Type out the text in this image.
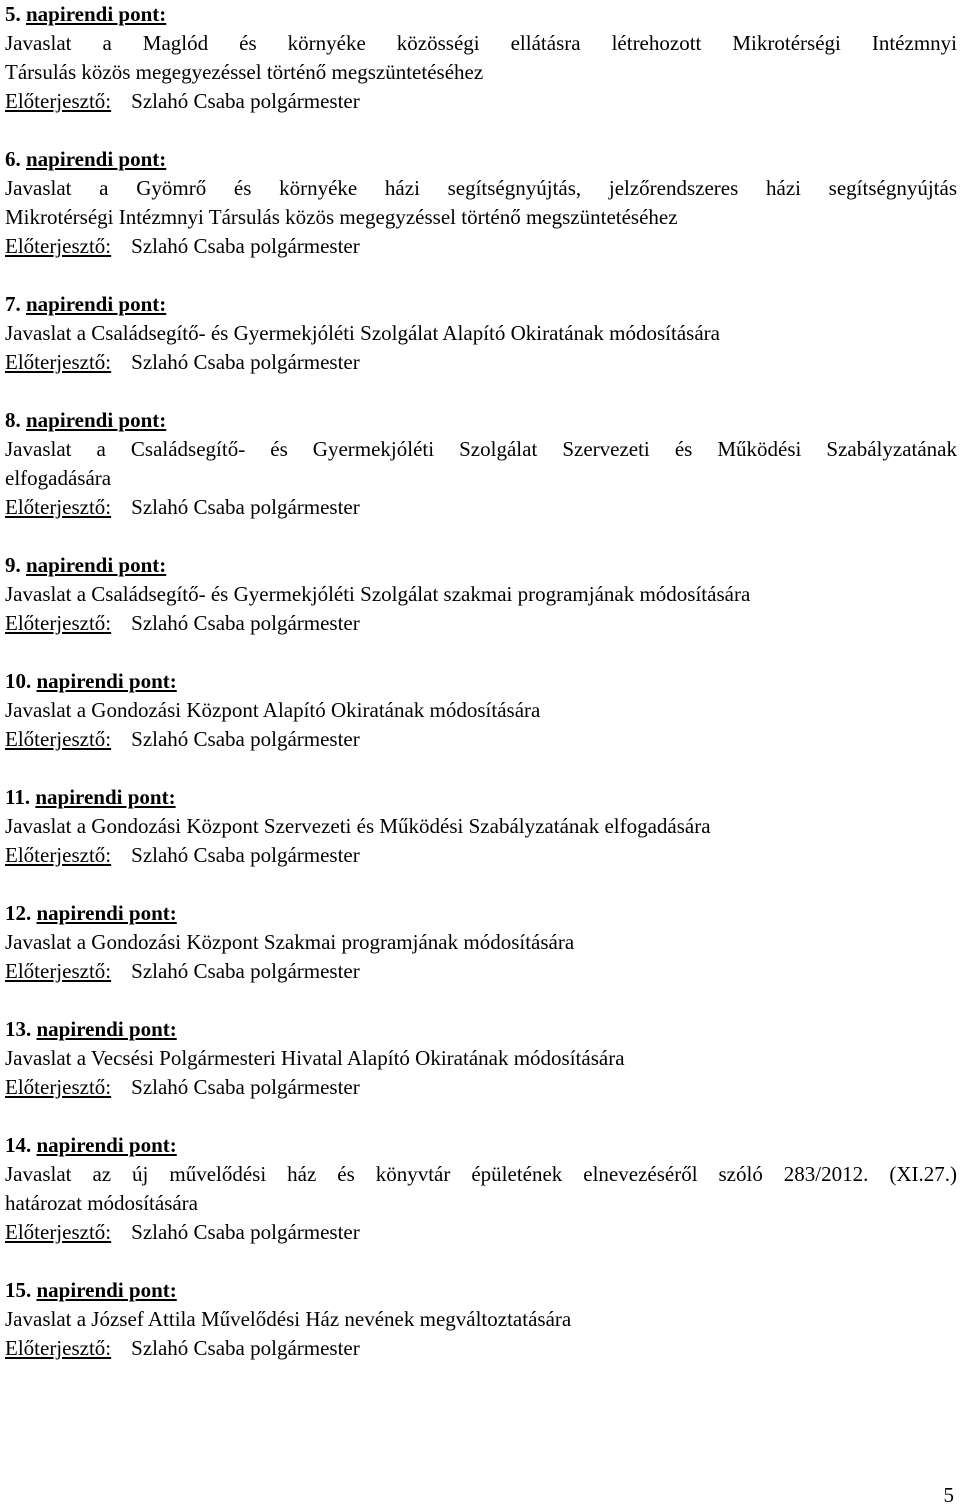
5. napirendi pont:
Javaslat a Maglód és környéke közösségi ellátásra létrehozott Mikrotérségi Intézmnyi
Társulás közös megegyezéssel történő megszüntetéséhez
Előterjesztő: Szlahó Csaba polgármester
6. napirendi pont:
Javaslat a Gyömrő és környéke házi segítségnyújtás, jelzőrendszeres házi segítségnyújtás
Mikrotérségi Intézmnyi Társulás közös megegyzéssel történő megszüntetéséhez
Előterjesztő: Szlahó Csaba polgármester
7. napirendi pont:
Javaslat a Családsegítő- és Gyermekjóléti Szolgálat Alapító Okiratának módosítására
Előterjesztő: Szlahó Csaba polgármester
8. napirendi pont:
Javaslat a Családsegítő- és Gyermekjóléti Szolgálat Szervezeti és Működési Szabályzatának
elfogadására
Előterjesztő: Szlahó Csaba polgármester
9. napirendi pont:
Javaslat a Családsegítő- és Gyermekjóléti Szolgálat szakmai programjának módosítására
Előterjesztő: Szlahó Csaba polgármester
10. napirendi pont:
Javaslat a Gondozási Központ Alapító Okiratának módosítására
Előterjesztő: Szlahó Csaba polgármester
11. napirendi pont:
Javaslat a Gondozási Központ Szervezeti és Működési Szabályzatának elfogadására
Előterjesztő: Szlahó Csaba polgármester
12. napirendi pont:
Javaslat a Gondozási Központ Szakmai programjának módosítására
Előterjesztő: Szlahó Csaba polgármester
13. napirendi pont:
Javaslat a Vecsési Polgármesteri Hivatal Alapító Okiratának módosítására
Előterjesztő: Szlahó Csaba polgármester
14. napirendi pont:
Javaslat az új művelődési ház és könyvtár épületének elnevezéséről szóló 283/2012. (XI.27.)
határozat módosítására
Előterjesztő: Szlahó Csaba polgármester
15. napirendi pont:
Javaslat a József Attila Művelődési Ház nevének megváltoztatására
Előterjesztő: Szlahó Csaba polgármester
5
